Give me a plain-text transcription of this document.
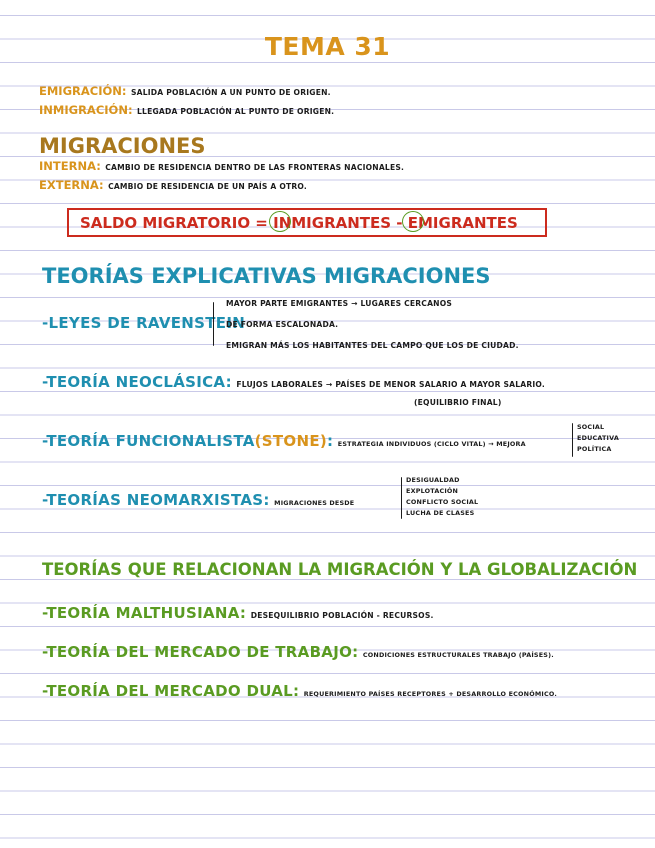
TEMA 31
EMIGRACIÓN: SALIDA POBLACIÓN A UN PUNTO DE ORIGEN.
INMIGRACIÓN: LLEGADA POBLACIÓN AL PUNTO DE ORIGEN.
MIGRACIONES
INTERNA: CAMBIO DE RESIDENCIA DENTRO DE LAS FRONTERAS NACIONALES.
EXTERNA: CAMBIO DE RESIDENCIA DE UN PAÍS A OTRO.
SALDO MIGRATORIO = IN
MIGRANTES - E
MIGRANTES
TEORÍAS EXPLICATIVAS MIGRACIONES
-LEYES DE RAVENSTEIN
MAYOR PARTE EMIGRANTES → LUGARES CERCANOS
DE FORMA ESCALONADA.
EMIGRAN MÁS LOS HABITANTES DEL CAMPO QUE LOS DE CIUDAD.
-TEORÍA NEOCLÁSICA: FLUJOS LABORALES → PAÍSES DE MENOR SALARIO A MAYOR SALARIO.
(EQUILIBRIO FINAL)
-TEORÍA FUNCIONALISTA(STONE): ESTRATEGIA INDIVIDUOS (CICLO VITAL) → MEJORA
SOCIAL
EDUCATIVA
POLÍTICA
-TEORÍAS NEOMARXISTAS: MIGRACIONES DESDE
DESIGUALDAD
EXPLOTACIÓN
CONFLICTO SOCIAL
LUCHA DE CLASES
TEORÍAS QUE RELACIONAN LA MIGRACIÓN Y LA GLOBALIZACIÓN
-TEORÍA MALTHUSIANA: DESEQUILIBRIO POBLACIÓN - RECURSOS.
-TEORÍA DEL MERCADO DE TRABAJO: CONDICIONES ESTRUCTURALES TRABAJO (PAÍSES).
-TEORÍA DEL MERCADO DUAL: REQUERIMIENTO PAÍSES RECEPTORES + DESARROLLO ECONÓMICO.
